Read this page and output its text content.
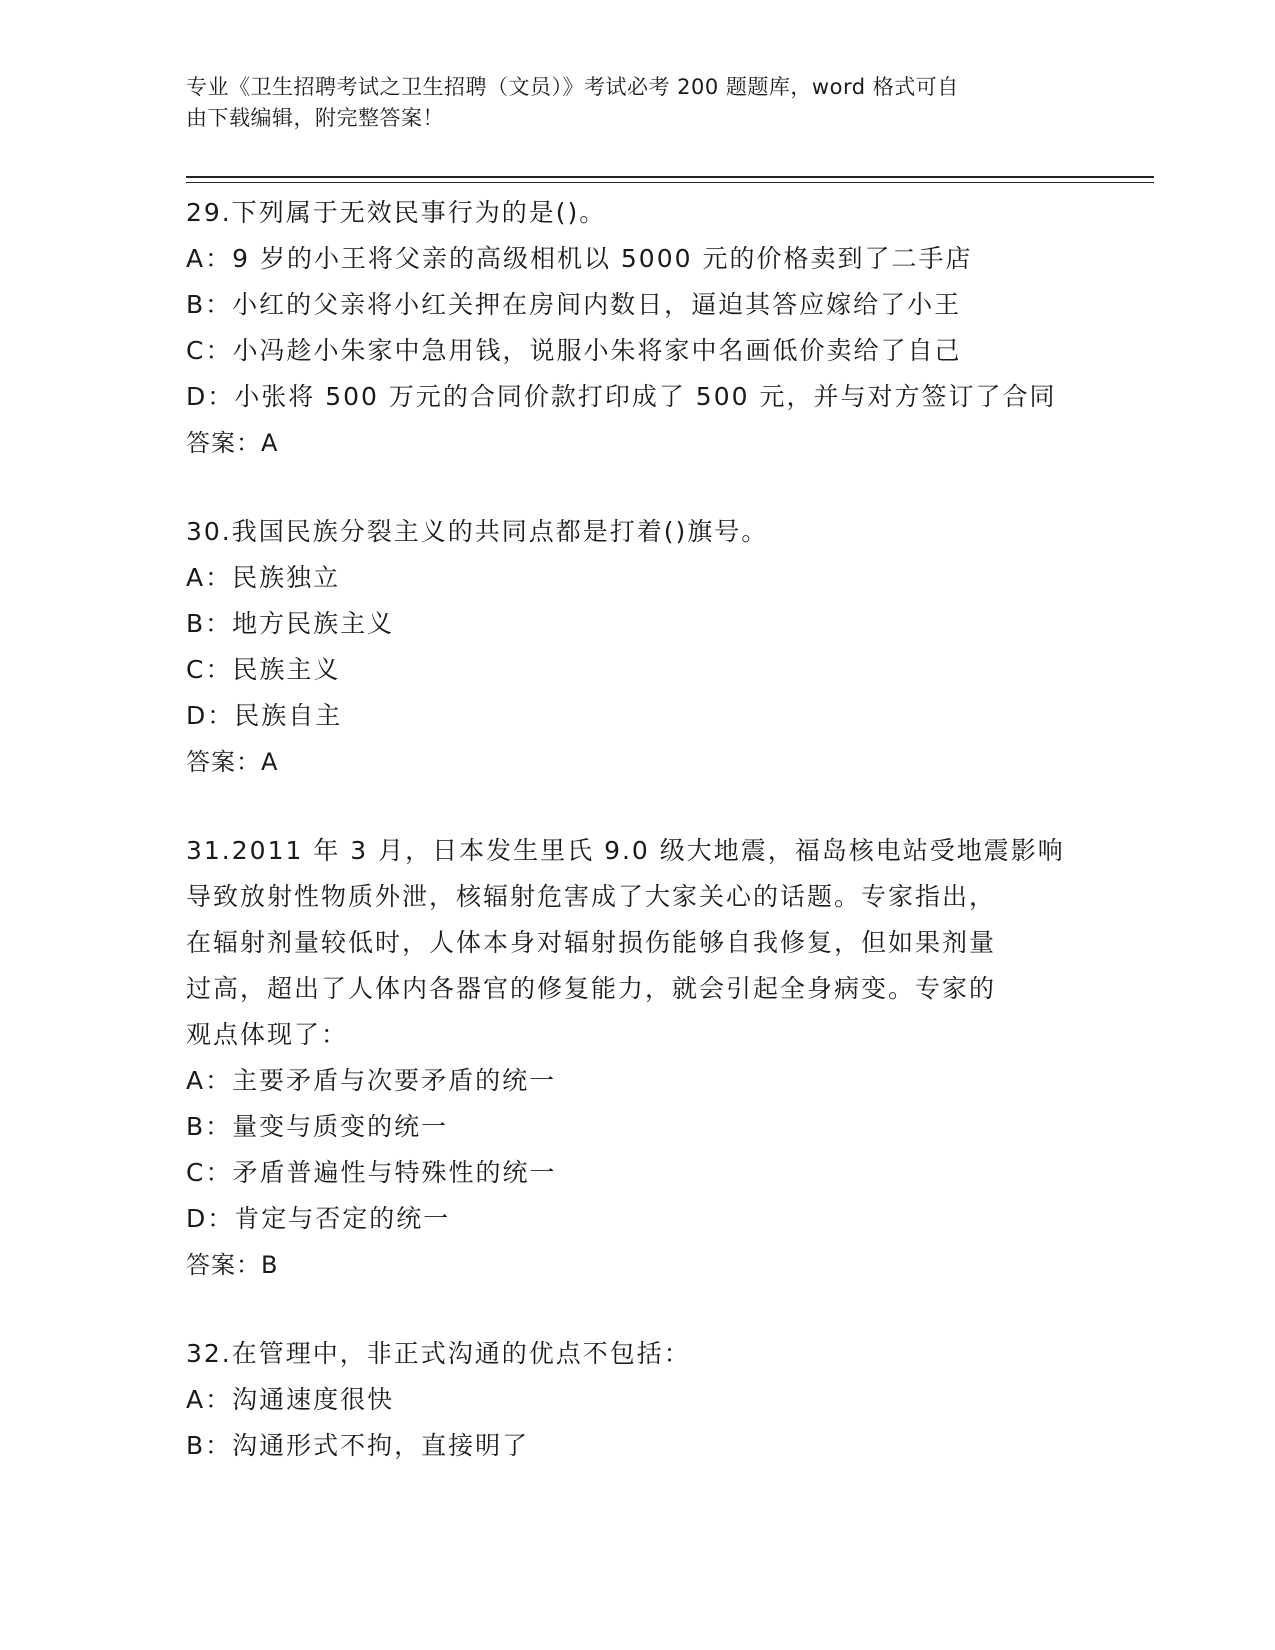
专业《卫生招聘考试之卫生招聘（文员）》考试必考 200 题题库，word 格式可自
由下载编辑，附完整答案！
29.下列属于无效民事行为的是()。
A：9 岁的小王将父亲的高级相机以 5000 元的价格卖到了二手店
B：小红的父亲将小红关押在房间内数日，逼迫其答应嫁给了小王
C：小冯趁小朱家中急用钱，说服小朱将家中名画低价卖给了自己
D：小张将 500 万元的合同价款打印成了 500 元，并与对方签订了合同
答案：A
30.我国民族分裂主义的共同点都是打着()旗号。
A：民族独立
B：地方民族主义
C：民族主义
D：民族自主
答案：A
31.2011 年 3 月，日本发生里氏 9.0 级大地震，福岛核电站受地震影响
导致放射性物质外泄，核辐射危害成了大家关心的话题。专家指出，
在辐射剂量较低时，人体本身对辐射损伤能够自我修复，但如果剂量
过高，超出了人体内各器官的修复能力，就会引起全身病变。专家的
观点体现了：
A：主要矛盾与次要矛盾的统一
B：量变与质变的统一
C：矛盾普遍性与特殊性的统一
D：肯定与否定的统一
答案：B
32.在管理中，非正式沟通的优点不包括：
A：沟通速度很快
B：沟通形式不拘，直接明了
